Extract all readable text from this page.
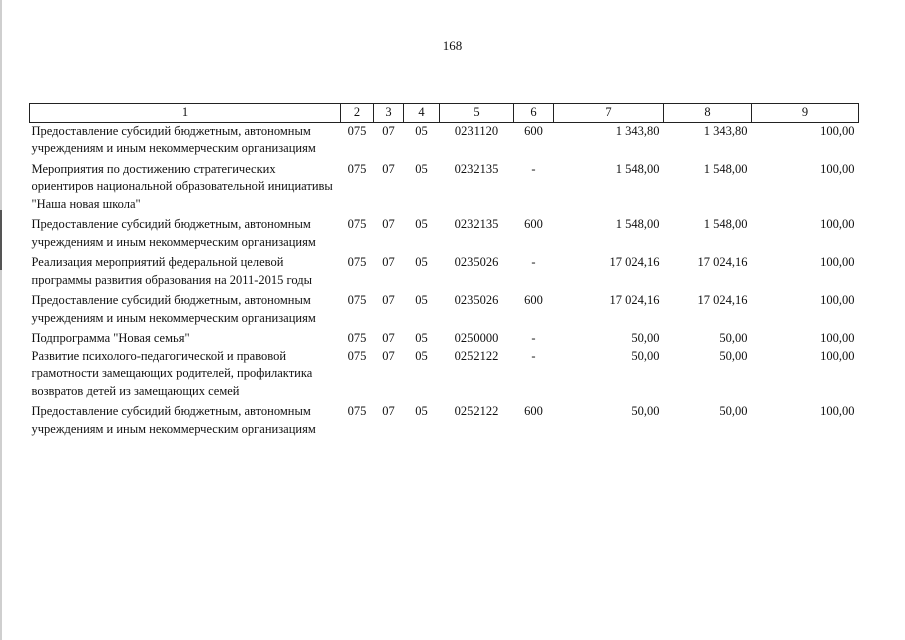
168
1	2	3	4	5	6	7	8	9
Предоставление субсидий бюджетным, автономным учреждениям и иным некоммерческим организациям	075	07	05	0231120	600	1 343,80	1 343,80	100,00
Мероприятия по достижению стратегических ориентиров национальной образовательной инициативы "Наша новая школа"	075	07	05	0232135	-	1 548,00	1 548,00	100,00
Предоставление субсидий бюджетным, автономным учреждениям и иным некоммерческим организациям	075	07	05	0232135	600	1 548,00	1 548,00	100,00
Реализация мероприятий федеральной целевой программы развития образования на 2011-2015 годы	075	07	05	0235026	-	17 024,16	17 024,16	100,00
Предоставление субсидий бюджетным, автономным учреждениям и иным некоммерческим организациям	075	07	05	0235026	600	17 024,16	17 024,16	100,00
Подпрограмма "Новая семья"	075	07	05	0250000	-	50,00	50,00	100,00
Развитие психолого-педагогической и правовой грамотности замещающих родителей, профилактика возвратов детей из замещающих семей	075	07	05	0252122	-	50,00	50,00	100,00
Предоставление субсидий бюджетным, автономным учреждениям и иным некоммерческим организациям	075	07	05	0252122	600	50,00	50,00	100,00
